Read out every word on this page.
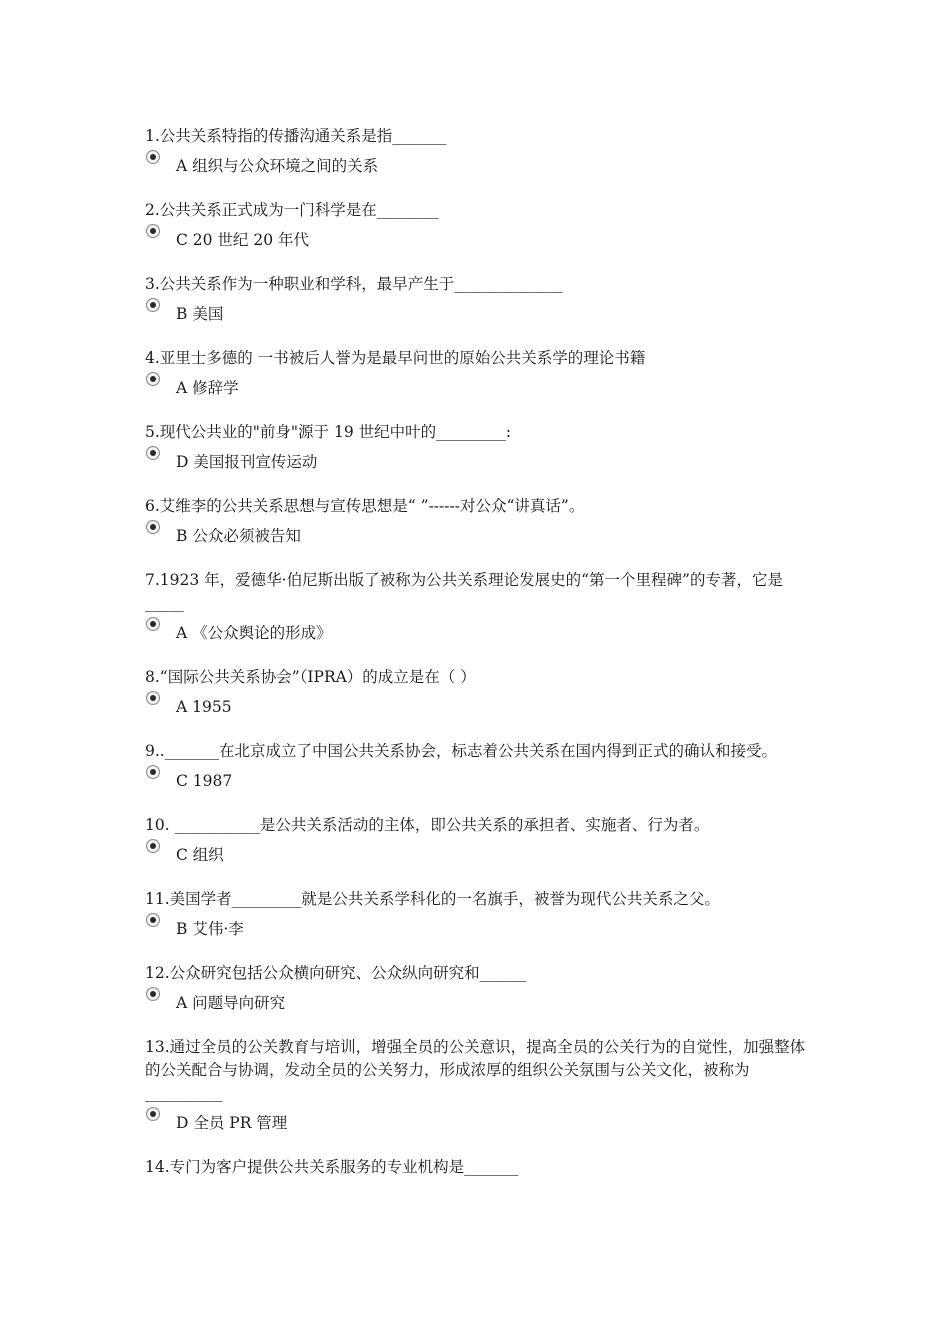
1.公共关系特指的传播沟通关系是指_______

A 组织与公众环境之间的关系

2.公共关系正式成为一门科学是在________

C 20 世纪 20 年代

3.公共关系作为一种职业和学科，最早产生于______________

B 美国

4.亚里士多德的 一书被后人誉为是最早问世的原始公共关系学的理论书籍

A 修辞学

5.现代公共业的"前身"源于 19 世纪中叶的_________:

D 美国报刊宣传运动

6.艾维李的公共关系思想与宣传思想是“ ”------对公众“讲真话”。

B 公众必须被告知

7.1923 年，爱德华·伯尼斯出版了被称为公共关系理论发展史的“第一个里程碑”的专著，它是_____

A 《公众舆论的形成》

8.“国际公共关系协会”（IPRA）的成立是在（ ）

A 1955

9.._______在北京成立了中国公共关系协会，标志着公共关系在国内得到正式的确认和接受。

C 1987

10. ___________是公共关系活动的主体，即公共关系的承担者、实施者、行为者。

C 组织

11.美国学者_________就是公共关系学科化的一名旗手，被誉为现代公共关系之父。

B 艾伟·李

12.公众研究包括公众横向研究、公众纵向研究和______

A 问题导向研究

13.通过全员的公关教育与培训，增强全员的公关意识，提高全员的公关行为的自觉性，加强整体的公关配合与协调，发动全员的公关努力，形成浓厚的组织公关氛围与公关文化，被称为__________

D 全员 PR 管理

14.专门为客户提供公共关系服务的专业机构是_______
